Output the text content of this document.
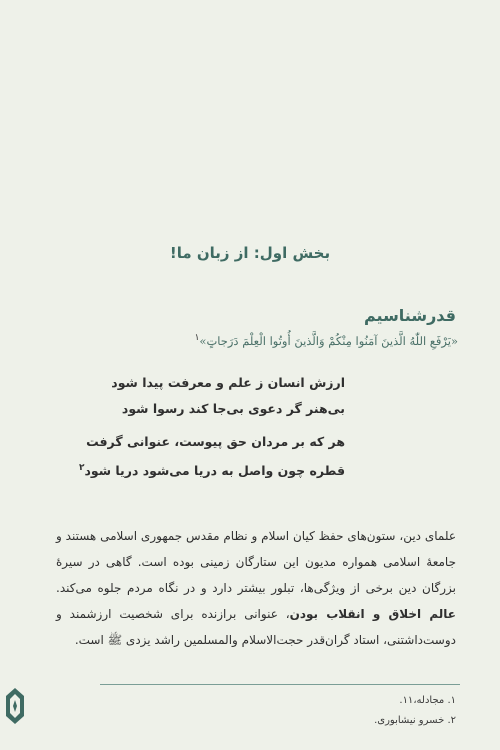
بخش اول: از زبان ما!
قدرشناسیم
«یَرْفَعِ اللّٰهُ الَّذینَ آمَنُوا مِنْکُمْ وَالَّذینَ أُوتُوا الْعِلْمَ دَرَجاتٍ»$^۱$
ارزش انسان ز علم و معرفت پیدا شود
بی‌هنر گر دعوی بی‌جا کند رسوا شود
هر که بر مردان حق پیوست، عنوانی گرفت
قطره چون واصل به دریا می‌شود دریا شود$^۲$
علمای دین، ستون‌های حفظ کیان اسلام و نظام مقدس جمهوری اسلامی هستند و جامعهٔ اسلامی همواره مدیون این ستارگان زمینی بوده است. گاهی در سیرهٔ بزرگان دین برخی از ویژگی‌ها، تبلور بیشتر دارد و در نگاه مردم جلوه می‌کند. عالم اخلاق و انقلاب بودن، عنوانی برازنده برای شخصیت ارزشمند و دوست‌داشتنی، استاد گران‌قدر حجت‌الاسلام والمسلمین راشد یزدی ﷺ است.
۱. مجادله،۱۱.
۲. خسرو نیشابوری.
